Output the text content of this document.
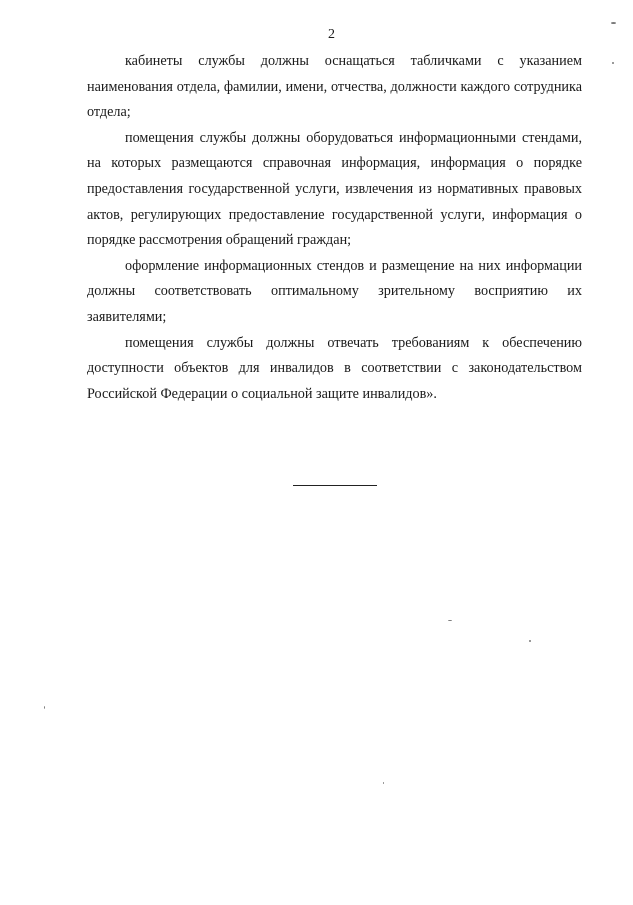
2

кабинеты службы должны оснащаться табличками с указанием наименования отдела, фамилии, имени, отчества, должности каждого сотрудника отдела;

помещения службы должны оборудоваться информационными стендами, на которых размещаются справочная информация, информация о порядке предоставления государственной услуги, извлечения из нормативных правовых актов, регулирующих предоставление государственной услуги, информация о порядке рассмотрения обращений граждан;

оформление информационных стендов и размещение на них информации должны соответствовать оптимальному зрительному восприятию их заявителями;

помещения службы должны отвечать требованиям к обеспечению доступности объектов для инвалидов в соответствии с законодательством Российской Федерации о социальной защите инвалидов».
